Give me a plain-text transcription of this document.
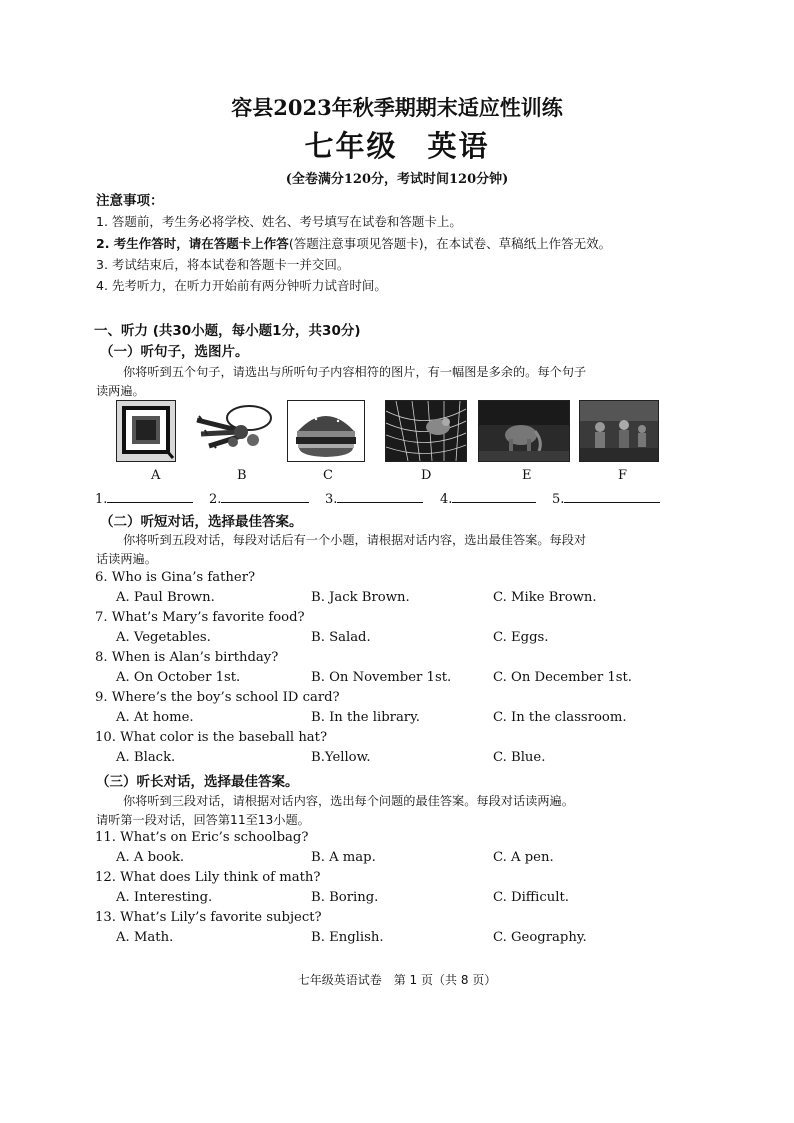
容县2023年秋季期期末适应性训练
七年级 英语
(全卷满分120分，考试时间120分钟)
注意事项：
1. 答题前，考生务必将学校、姓名、考号填写在试卷和答题卡上。
2. 考生作答时，请在答题卡上作答(答题注意事项见答题卡)，在本试卷、草稿纸上作答无效。
3. 考试结束后，将本试卷和答题卡一并交回。
4. 先考听力，在听力开始前有两分钟听力试音时间。
一、听力 (共30小题，每小题1分，共30分)
（一）听句子，选图片。
你将听到五个句子，请选出与所听句子内容相符的图片，有一幅图是多余的。每个句子
读两遍。
A	B	C	D	E	F
1.	2.	3.	4.	5.
（二）听短对话，选择最佳答案。
你将听到五段对话，每段对话后有一个小题，请根据对话内容，选出最佳答案。每段对
话读两遍。
6. Who is Gina’s father?
A. Paul Brown.	B. Jack Brown.	C. Mike Brown.
7. What’s Mary’s favorite food?
A. Vegetables.	B. Salad.	C. Eggs.
8. When is Alan’s birthday?
A. On October 1st.	B. On November 1st.	C. On December 1st.
9. Where’s the boy’s school ID card?
A. At home.	B. In the library.	C. In the classroom.
10. What color is the baseball hat?
A. Black.	B.Yellow.	C. Blue.
（三）听长对话，选择最佳答案。
你将听到三段对话，请根据对话内容，选出每个问题的最佳答案。每段对话读两遍。
请听第一段对话，回答第11至13小题。
11. What’s on Eric’s schoolbag?
A. A book.	B. A map.	C. A pen.
12. What does Lily think of math?
A. Interesting.	B. Boring.	C. Difficult.
13. What’s Lily’s favorite subject?
A. Math.	B. English.	C. Geography.
七年级英语试卷　第 1 页（共 8 页）
